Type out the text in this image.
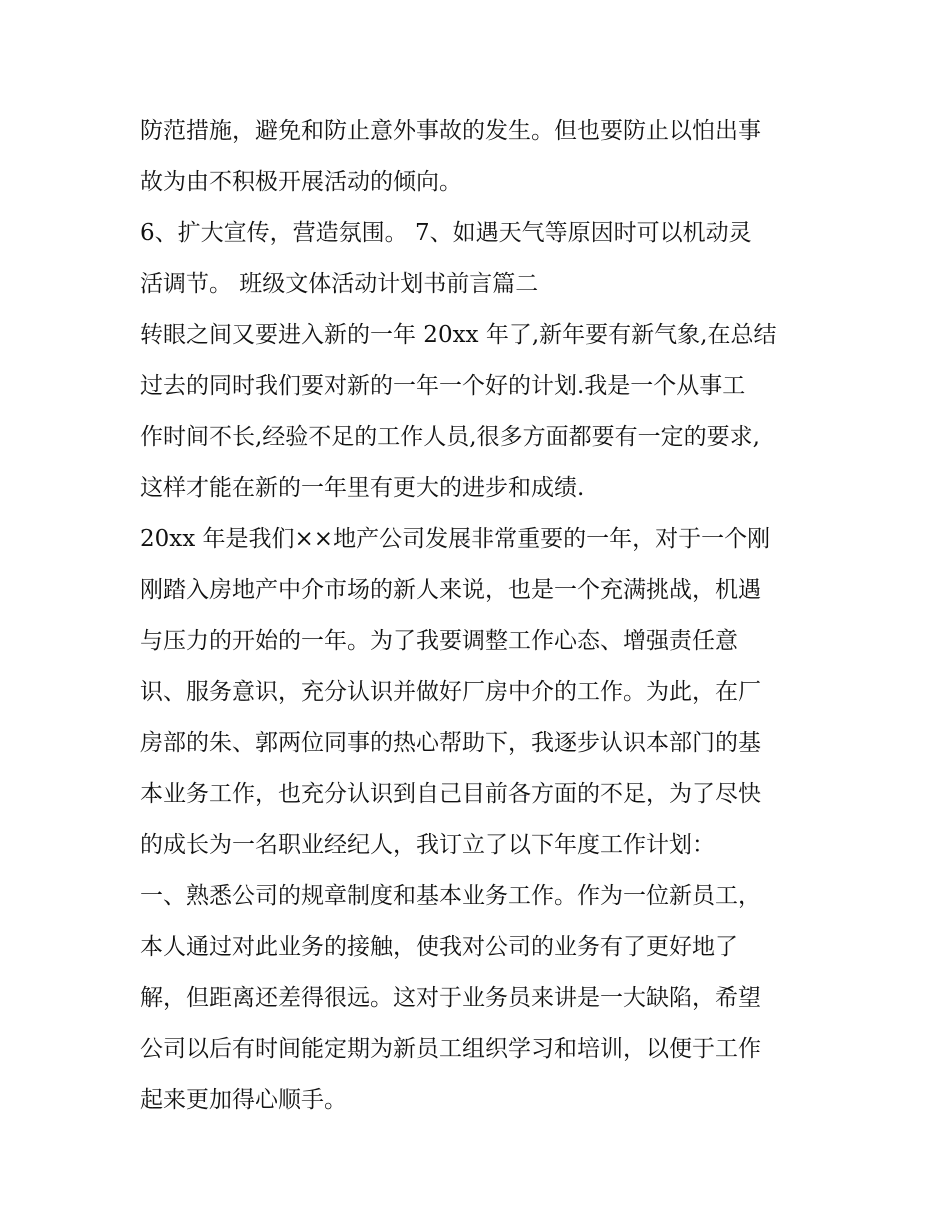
防范措施，避免和防止意外事故的发生。但也要防止以怕出事
故为由不积极开展活动的倾向。
6、扩大宣传，营造氛围。 7、如遇天气等原因时可以机动灵
活调节。 班级文体活动计划书前言篇二
转眼之间又要进入新的一年 20xx 年了,新年要有新气象,在总结
过去的同时我们要对新的一年一个好的计划.我是一个从事工
作时间不长,经验不足的工作人员,很多方面都要有一定的要求,
这样才能在新的一年里有更大的进步和成绩.
20xx 年是我们××地产公司发展非常重要的一年，对于一个刚
刚踏入房地产中介市场的新人来说，也是一个充满挑战，机遇
与压力的开始的一年。为了我要调整工作心态、增强责任意
识、服务意识，充分认识并做好厂房中介的工作。为此，在厂
房部的朱、郭两位同事的热心帮助下，我逐步认识本部门的基
本业务工作，也充分认识到自己目前各方面的不足，为了尽快
的成长为一名职业经纪人，我订立了以下年度工作计划：
一、熟悉公司的规章制度和基本业务工作。作为一位新员工，
本人通过对此业务的接触，使我对公司的业务有了更好地了
解，但距离还差得很远。这对于业务员来讲是一大缺陷，希望
公司以后有时间能定期为新员工组织学习和培训，以便于工作
起来更加得心顺手。
